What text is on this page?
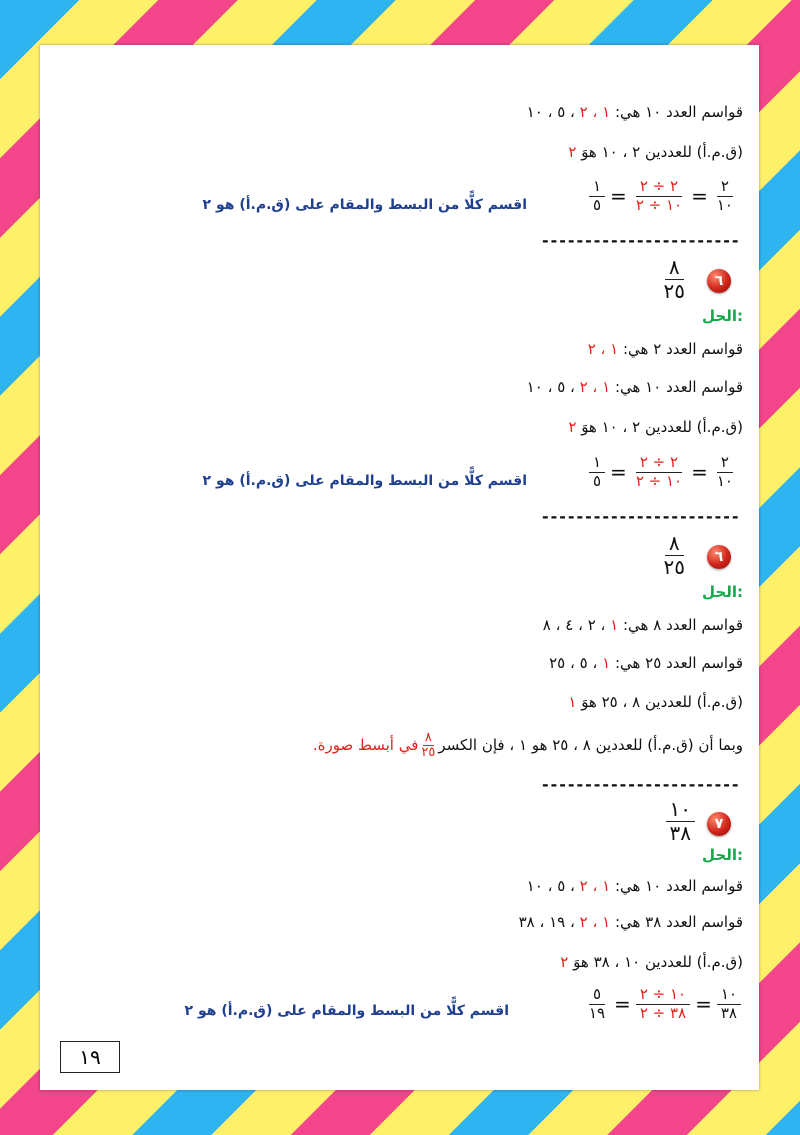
قواسم العدد ١٠ هي: ١ ، ٢ ، ٥ ، ١٠
(ق.م.أ) للعددين ٢ ، ١٠ هوَ ٢
$\frac{١}{٥} = \frac{٢ \div ٢}{١٠ \div ٢} = \frac{٢}{١٠}$
اقسم كلًّا من البسط والمقام على (ق.م.أ) هو ٢
-----------------------
٦
$\frac{٨}{٢٥}$
الحل:
قواسم العدد ٢ هي: ١ ، ٢
قواسم العدد ١٠ هي: ١ ، ٢ ، ٥ ، ١٠
(ق.م.أ) للعددين ٢ ، ١٠ هوَ ٢
$\frac{١}{٥} = \frac{٢ \div ٢}{١٠ \div ٢} = \frac{٢}{١٠}$
اقسم كلًّا من البسط والمقام على (ق.م.أ) هو ٢
-----------------------
٦
$\frac{٨}{٢٥}$
الحل:
قواسم العدد ٨ هي: ١ ، ٢ ، ٤ ، ٨
قواسم العدد ٢٥ هي: ١ ، ٥ ، ٢٥
(ق.م.أ) للعددين ٨ ، ٢٥ هوَ ١
وبما أن (ق.م.أ) للعددين ٨ ، ٢٥ هو ١ ، فإن الكسر
$\frac{٨}{٢٥}$
في أبسط صورة.
-----------------------
٧
$\frac{١٠}{٣٨}$
الحل:
قواسم العدد ١٠ هي: ١ ، ٢ ، ٥ ، ١٠
قواسم العدد ٣٨ هي: ١ ، ٢ ، ١٩ ، ٣٨
(ق.م.أ) للعددين ١٠ ، ٣٨ هوَ ٢
$\frac{٥}{١٩} = \frac{١٠ \div ٢}{٣٨ \div ٢} = \frac{١٠}{٣٨}$
اقسم كلًّا من البسط والمقام على (ق.م.أ) هو ٢
١٩
